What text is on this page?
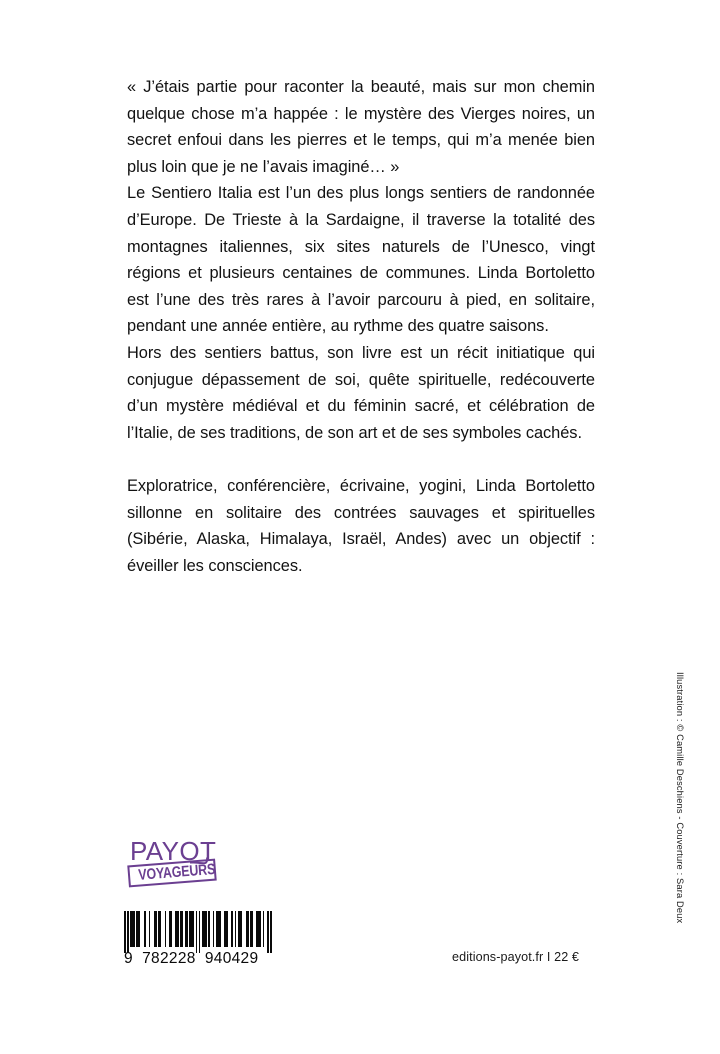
« J’étais partie pour raconter la beauté, mais sur mon chemin quelque chose m’a happée : le mystère des Vierges noires, un secret enfoui dans les pierres et le temps, qui m’a menée bien plus loin que je ne l’avais imaginé… »

Le Sentiero Italia est l’un des plus longs sentiers de randonnée d’Europe. De Trieste à la Sardaigne, il traverse la totalité des montagnes italiennes, six sites naturels de l’Unesco, vingt régions et plusieurs centaines de communes. Linda Bortoletto est l’une des très rares à l’avoir parcouru à pied, en solitaire, pendant une année entière, au rythme des quatre saisons.

Hors des sentiers battus, son livre est un récit initiatique qui conjugue dépassement de soi, quête spirituelle, redécouverte d’un mystère médiéval et du féminin sacré, et célébration de l’Italie, de ses traditions, de son art et de ses symboles cachés.

Exploratrice, conférencière, écrivaine, yogini, Linda Bortoletto sillonne en solitaire des contrées sauvages et spirituelles (Sibérie, Alaska, Himalaya, Israël, Andes) avec un objectif : éveiller les consciences.

Illustration : © Camille Deschiens - Couverture : Sara Deux
PAYOT
VOYAGEURS
9  782228  940429	editions-payot.fr I 22 €
